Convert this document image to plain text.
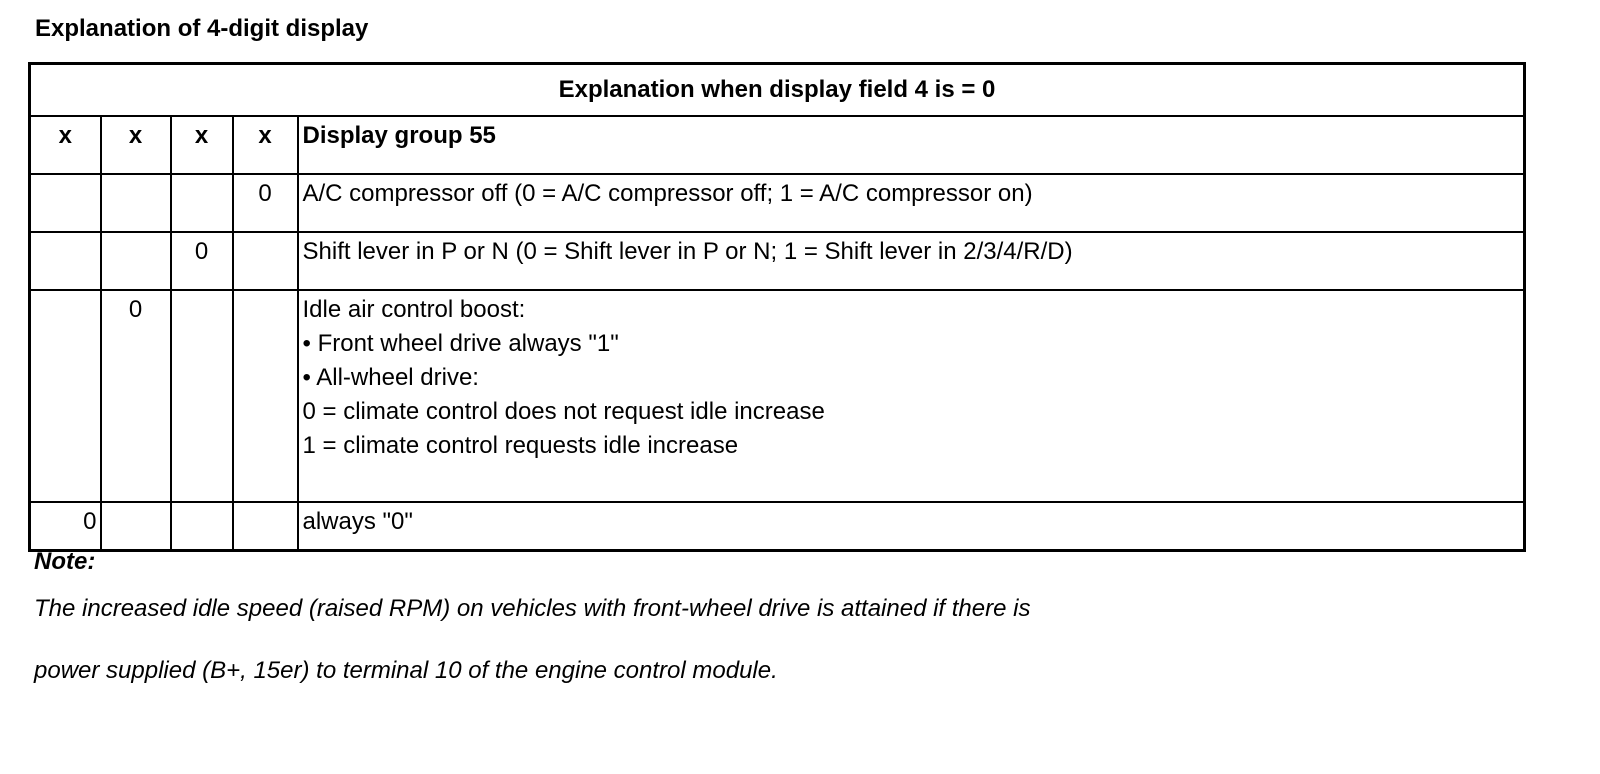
Explanation of 4-digit display
Explanation when display field 4 is = 0				
x	x	x	x	Display group 55
			0	A/C compressor off (0 = A/C compressor off; 1 = A/C compressor on)

		0		Shift lever in P or N (0 = Shift lever in P or N; 1 = Shift lever in 2/3/4/R/D)

	0			Idle air control boost:
• Front wheel drive always "1"
• All-wheel drive:
0 = climate control does not request idle increase
1 = climate control requests idle increase

0				always "0"
Note:
The increased idle speed (raised RPM) on vehicles with front-wheel drive is attained if there is
power supplied (B+, 15er) to terminal 10 of the engine control module.
